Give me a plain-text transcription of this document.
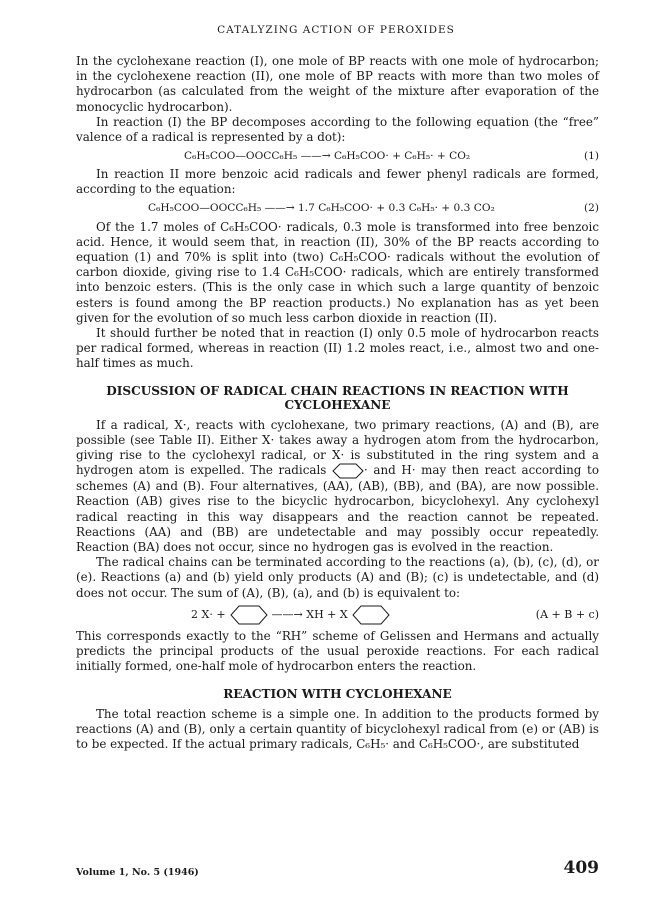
CATALYZING ACTION OF PEROXIDES

In the cyclohexane reaction (I), one mole of BP reacts with one mole of hydrocarbon; in the cyclohexene reaction (II), one mole of BP reacts with more than two moles of hydrocarbon (as calculated from the weight of the mixture after evaporation of the monocyclic hydrocarbon).

In reaction (I) the BP decomposes according to the following equation (the “free” valence of a radical is represented by a dot):

C₆H₅COO—OOCC₆H₅ ——→ C₆H₅COO· + C₆H₅· + CO₂	(1)

In reaction II more benzoic acid radicals and fewer phenyl radicals are formed, according to the equation:

C₆H₅COO—OOCC₆H₅ ——→ 1.7 C₆H₅COO· + 0.3 C₆H₅· + 0.3 CO₂	(2)

Of the 1.7 moles of C₆H₅COO· radicals, 0.3 mole is transformed into free benzoic acid. Hence, it would seem that, in reaction (II), 30% of the BP reacts according to equation (1) and 70% is split into (two) C₆H₅COO· radicals without the evolution of carbon dioxide, giving rise to 1.4 C₆H₅COO· radicals, which are entirely transformed into benzoic esters. (This is the only case in which such a large quantity of benzoic esters is found among the BP reaction products.) No explanation has as yet been given for the evolution of so much less carbon dioxide in reaction (II).

It should further be noted that in reaction (I) only 0.5 mole of hydrocarbon reacts per radical formed, whereas in reaction (II) 1.2 moles react, i.e., almost two and one-half times as much.

DISCUSSION OF RADICAL CHAIN REACTIONS IN REACTION WITH CYCLOHEXANE

If a radical, X·, reacts with cyclohexane, two primary reactions, (A) and (B), are possible (see Table II). Either X· takes away a hydrogen atom from the hydrocarbon, giving rise to the cyclohexyl radical, or X· is substituted in the ring system and a hydrogen atom is expelled. The radicals	· and H· may then react according to schemes (A) and (B). Four alternatives, (AA), (AB), (BB), and (BA), are now possible. Reaction (AB) gives rise to the bicyclic hydrocarbon, bicyclohexyl. Any cyclohexyl radical reacting in this way disappears and the reaction cannot be repeated. Reactions (AA) and (BB) are undetectable and may possibly occur repeatedly. Reaction (BA) does not occur, since no hydrogen gas is evolved in the reaction.

The radical chains can be terminated according to the reactions (a), (b), (c), (d), or (e). Reactions (a) and (b) yield only products (A) and (B); (c) is undetectable, and (d) does not occur. The sum of (A), (B), (a), and (b) is equivalent to:

2 X· +	——→ XH + X	(A + B + c)

This corresponds exactly to the “RH” scheme of Gelissen and Hermans and actually predicts the principal products of the usual peroxide reactions. For each radical initially formed, one-half mole of hydrocarbon enters the reaction.

REACTION WITH CYCLOHEXANE

The total reaction scheme is a simple one. In addition to the products formed by reactions (A) and (B), only a certain quantity of bicyclohexyl radical from (e) or (AB) is to be expected. If the actual primary radicals, C₆H₅· and C₆H₅COO·, are substituted

Volume 1, No. 5 (1946)	409
